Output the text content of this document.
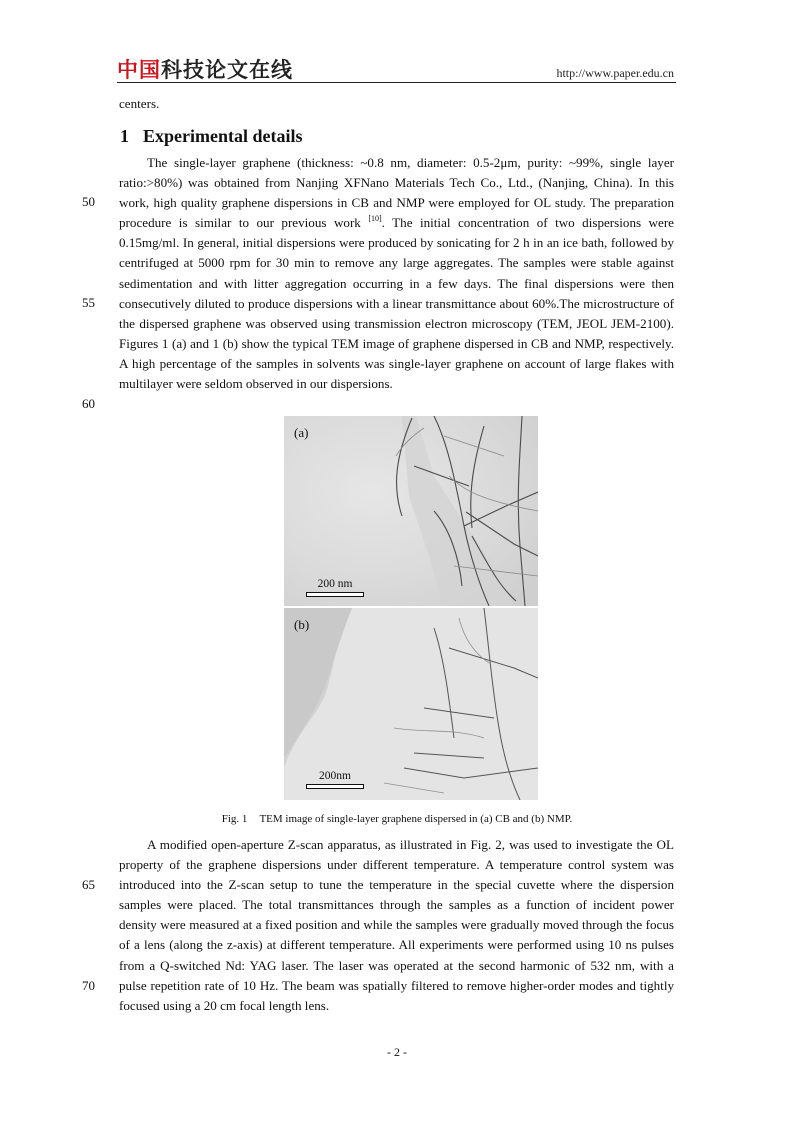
中国 科技论文在线	http://www.paper.edu.cn
50
55
60
65
70
centers.
1 Experimental details

The single-layer graphene (thickness: ~0.8 nm, diameter: 0.5-2μm, purity: ~99%, single layer ratio:>80%) was obtained from Nanjing XFNano Materials Tech Co., Ltd., (Nanjing, China). In this work, high quality graphene dispersions in CB and NMP were employed for OL study. The preparation procedure is similar to our previous work [10]. The initial concentration of two dispersions were 0.15mg/ml. In general, initial dispersions were produced by sonicating for 2 h in an ice bath, followed by centrifuged at 5000 rpm for 30 min to remove any large aggregates. The samples were stable against sedimentation and with litter aggregation occurring in a few days. The final dispersions were then consecutively diluted to produce dispersions with a linear transmittance about 60%.The microstructure of the dispersed graphene was observed using transmission electron microscopy (TEM, JEOL JEM-2100). Figures 1 (a) and 1 (b) show the typical TEM image of graphene dispersed in CB and NMP, respectively. A high percentage of the samples in solvents was single-layer graphene on account of large flakes with multilayer were seldom observed in our dispersions.

(a)
200 nm
(b)
200nm
Fig. 1 TEM image of single-layer graphene dispersed in (a) CB and (b) NMP.

A modified open-aperture Z-scan apparatus, as illustrated in Fig. 2, was used to investigate the OL property of the graphene dispersions under different temperature. A temperature control system was introduced into the Z-scan setup to tune the temperature in the special cuvette where the dispersion samples were placed. The total transmittances through the samples as a function of incident power density were measured at a fixed position and while the samples were gradually moved through the focus of a lens (along the z-axis) at different temperature. All experiments were performed using 10 ns pulses from a Q-switched Nd: YAG laser. The laser was operated at the second harmonic of 532 nm, with a pulse repetition rate of 10 Hz. The beam was spatially filtered to remove higher-order modes and tightly focused using a 20 cm focal length lens.

- 2 -
